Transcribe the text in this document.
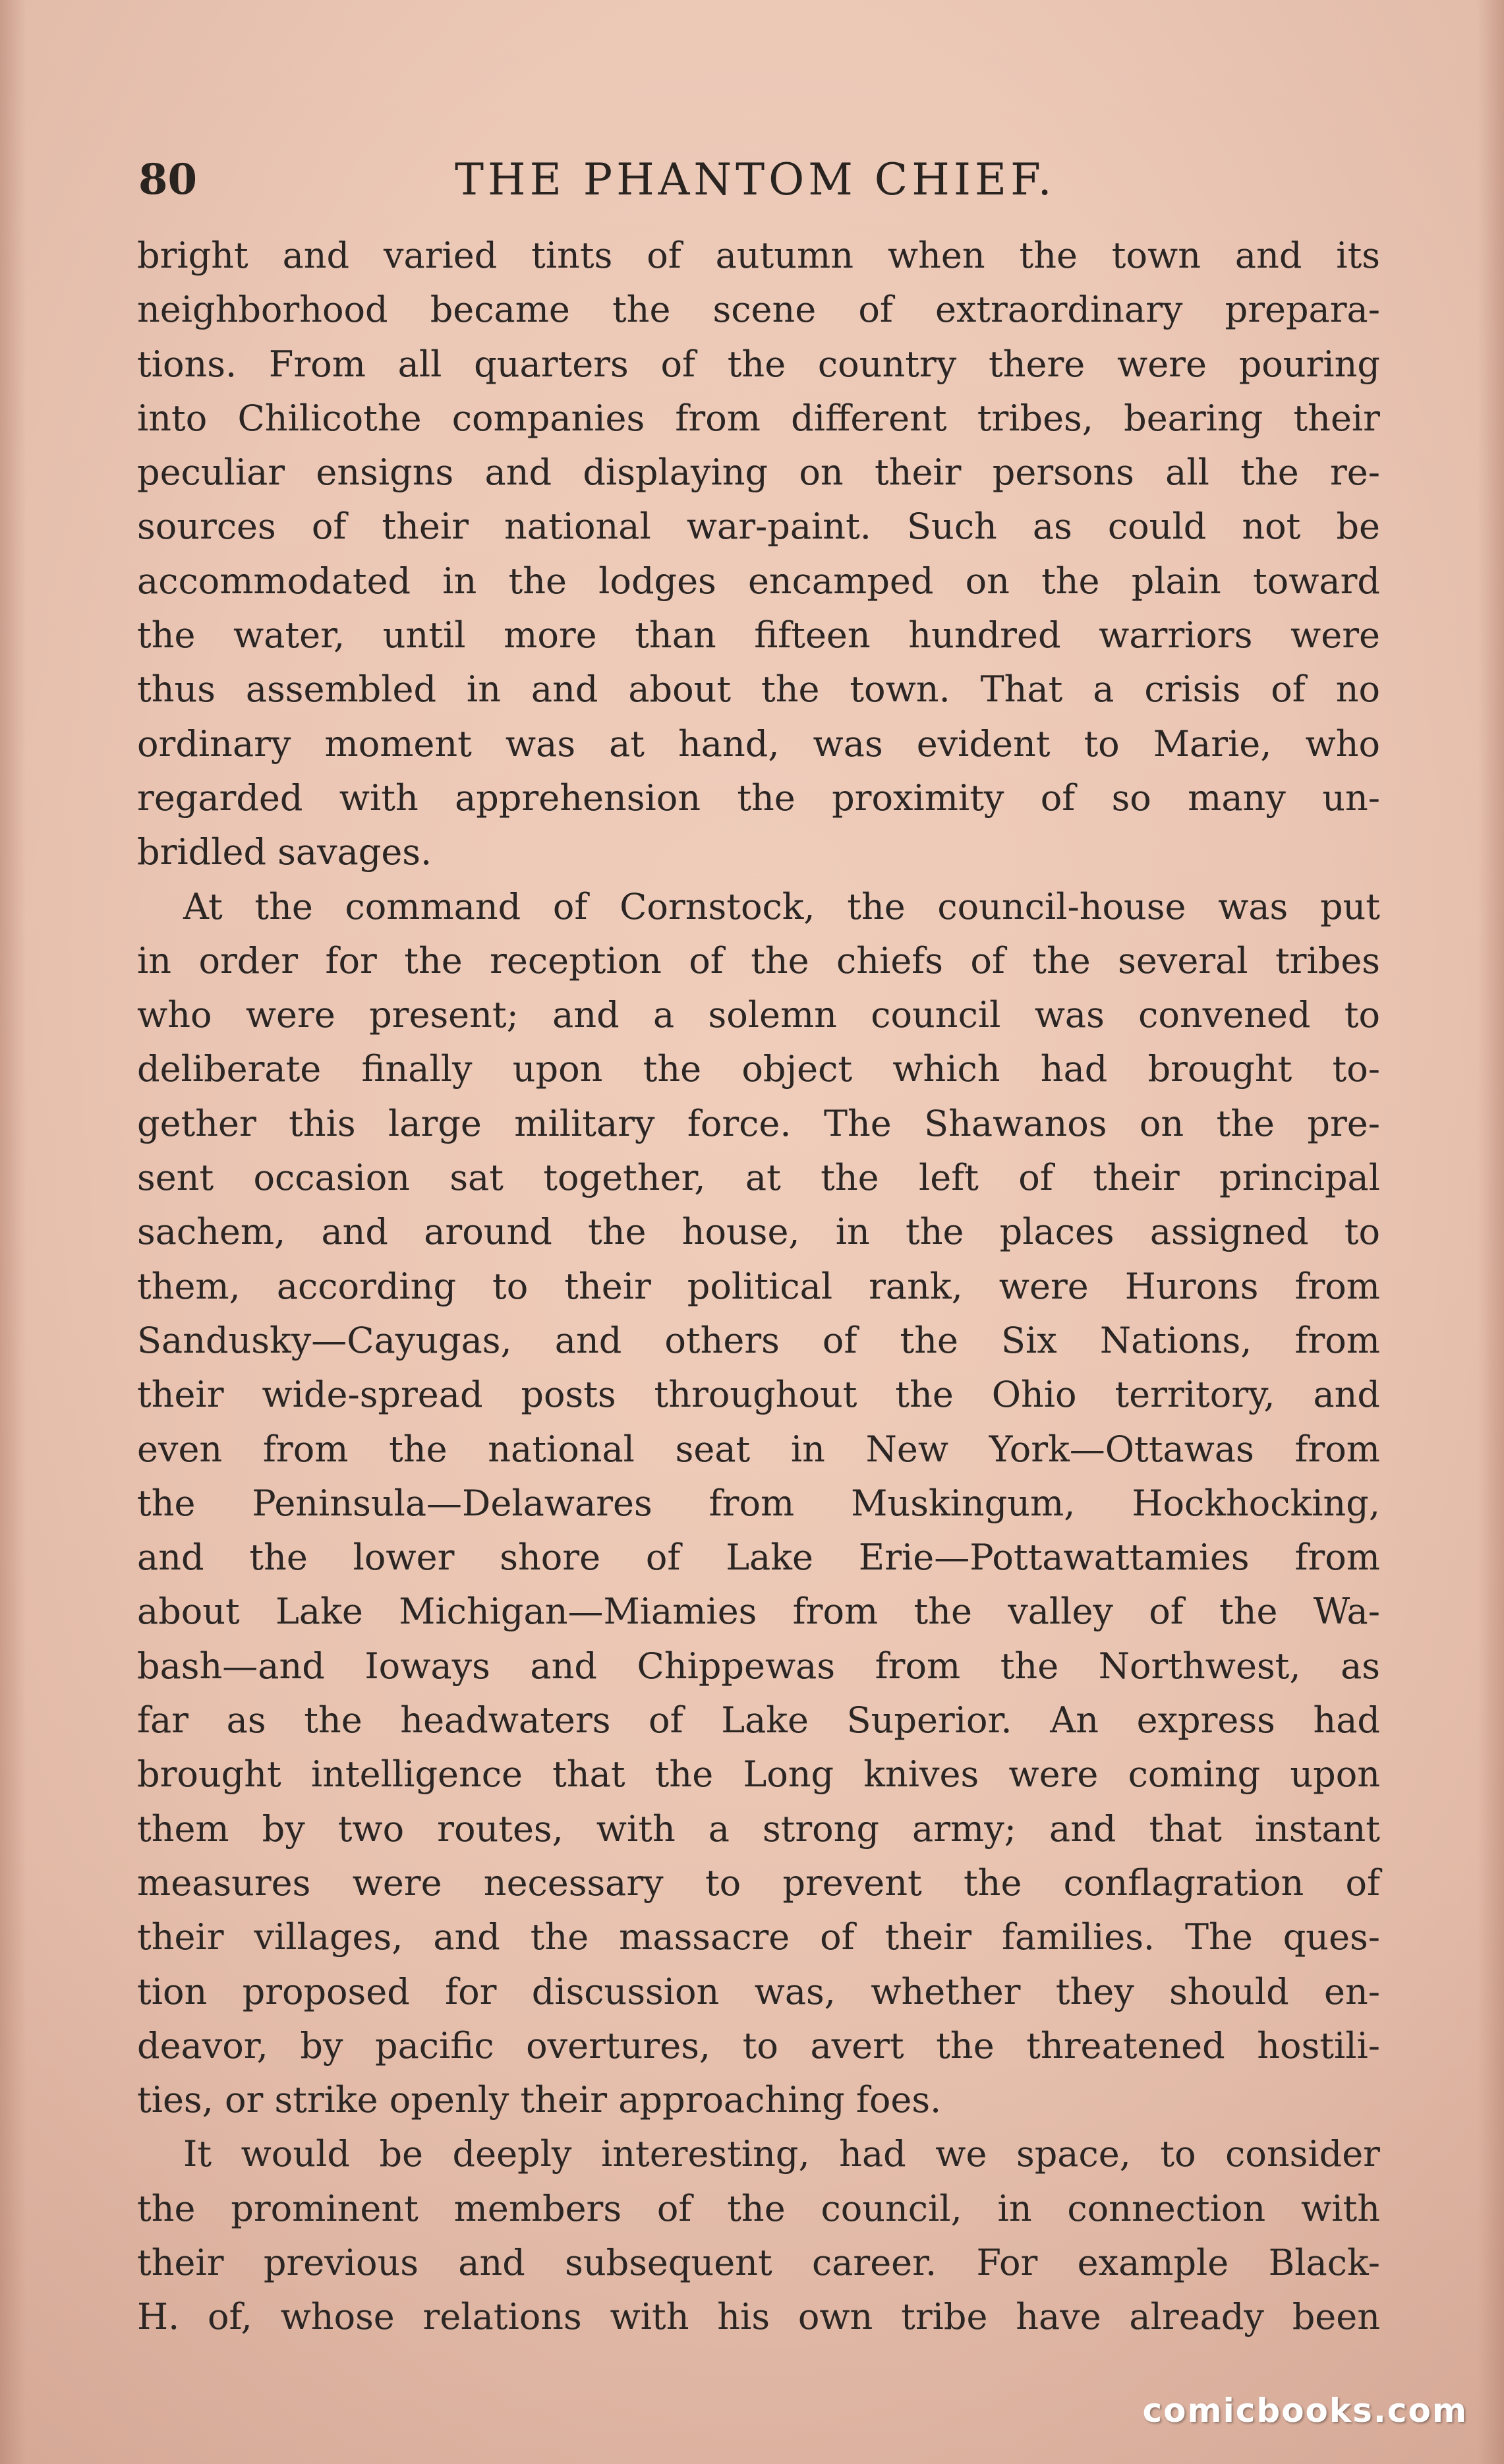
80	THE PHANTOM CHIEF.
bright and varied tints of autumn when the town and its
neighborhood became the scene of extraordinary prepara-
tions. From all quarters of the country there were pouring
into Chilicothe companies from different tribes, bearing their
peculiar ensigns and displaying on their persons all the re-
sources of their national war-paint. Such as could not be
accommodated in the lodges encamped on the plain toward
the water, until more than fifteen hundred warriors were
thus assembled in and about the town. That a crisis of no
ordinary moment was at hand, was evident to Marie, who
regarded with apprehension the proximity of so many un-
bridled savages.
At the command of Cornstock, the council-house was put
in order for the reception of the chiefs of the several tribes
who were present; and a solemn council was convened to
deliberate finally upon the object which had brought to-
gether this large military force. The Shawanos on the pre-
sent occasion sat together, at the left of their principal
sachem, and around the house, in the places assigned to
them, according to their political rank, were Hurons from
Sandusky—Cayugas, and others of the Six Nations, from
their wide-spread posts throughout the Ohio territory, and
even from the national seat in New York—Ottawas from
the Peninsula—Delawares from Muskingum, Hockhocking,
and the lower shore of Lake Erie—Pottawattamies from
about Lake Michigan—Miamies from the valley of the Wa-
bash—and Ioways and Chippewas from the Northwest, as
far as the headwaters of Lake Superior. An express had
brought intelligence that the Long knives were coming upon
them by two routes, with a strong army; and that instant
measures were necessary to prevent the conflagration of
their villages, and the massacre of their families. The ques-
tion proposed for discussion was, whether they should en-
deavor, by pacific overtures, to avert the threatened hostili-
ties, or strike openly their approaching foes.
It would be deeply interesting, had we space, to consider
the prominent members of the council, in connection with
their previous and subsequent career. For example Black-
H. of, whose relations with his own tribe have already been
comicbooks.com
